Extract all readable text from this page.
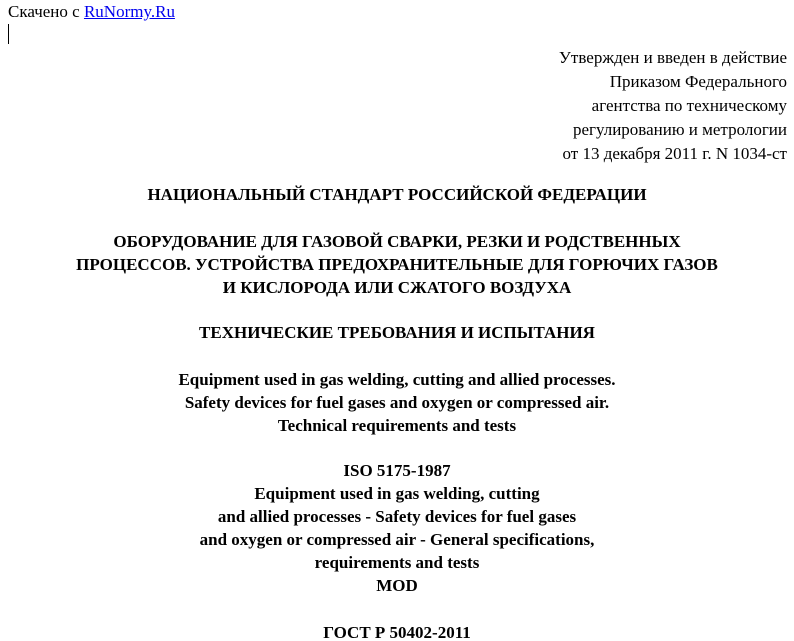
Скачено с RuNormy.Ru
Утвержден и введен в действие
Приказом Федерального
агентства по техническому
регулированию и метрологии
от 13 декабря 2011 г. N 1034-ст
НАЦИОНАЛЬНЫЙ СТАНДАРТ РОССИЙСКОЙ ФЕДЕРАЦИИ
ОБОРУДОВАНИЕ ДЛЯ ГАЗОВОЙ СВАРКИ, РЕЗКИ И РОДСТВЕННЫХ
ПРОЦЕССОВ. УСТРОЙСТВА ПРЕДОХРАНИТЕЛЬНЫЕ ДЛЯ ГОРЮЧИХ ГАЗОВ
И КИСЛОРОДА ИЛИ СЖАТОГО ВОЗДУХА
ТЕХНИЧЕСКИЕ ТРЕБОВАНИЯ И ИСПЫТАНИЯ
Equipment used in gas welding, cutting and allied processes.
Safety devices for fuel gases and oxygen or compressed air.
Technical requirements and tests
ISO 5175-1987
Equipment used in gas welding, cutting
and allied processes - Safety devices for fuel gases
and oxygen or compressed air - General specifications,
requirements and tests
MOD
ГОСТ Р 50402-2011
